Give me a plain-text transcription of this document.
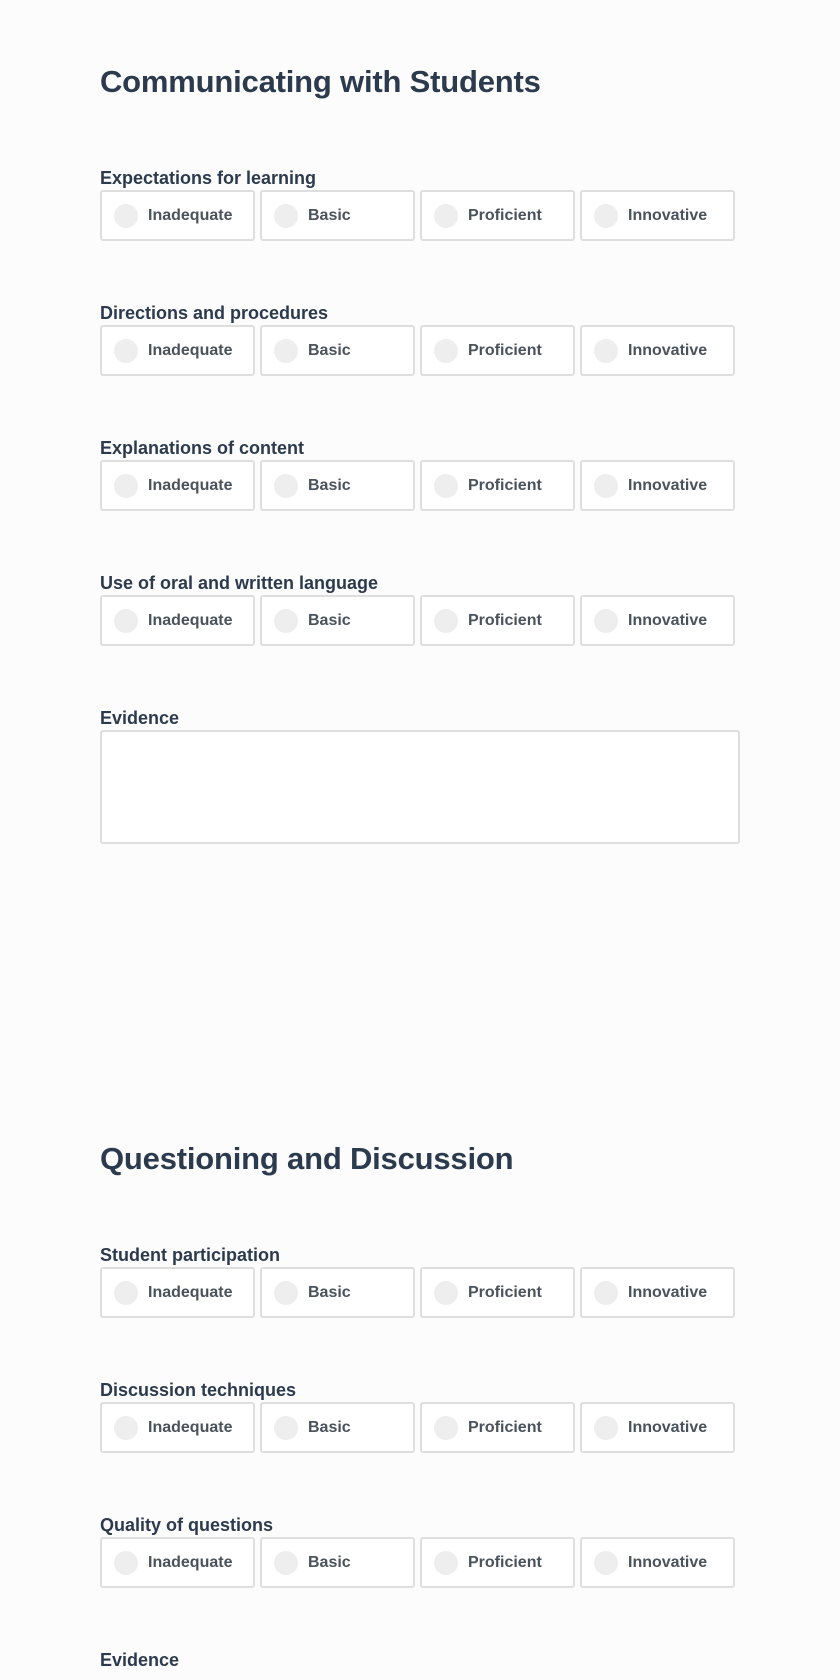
Communicating with Students
Expectations for learning
Inadequate	Basic	Proficient	Innovative
Directions and procedures
Inadequate	Basic	Proficient	Innovative
Explanations of content
Inadequate	Basic	Proficient	Innovative
Use of oral and written language
Inadequate	Basic	Proficient	Innovative
Evidence
Questioning and Discussion
Student participation
Inadequate	Basic	Proficient	Innovative
Discussion techniques
Inadequate	Basic	Proficient	Innovative
Quality of questions
Inadequate	Basic	Proficient	Innovative
Evidence
